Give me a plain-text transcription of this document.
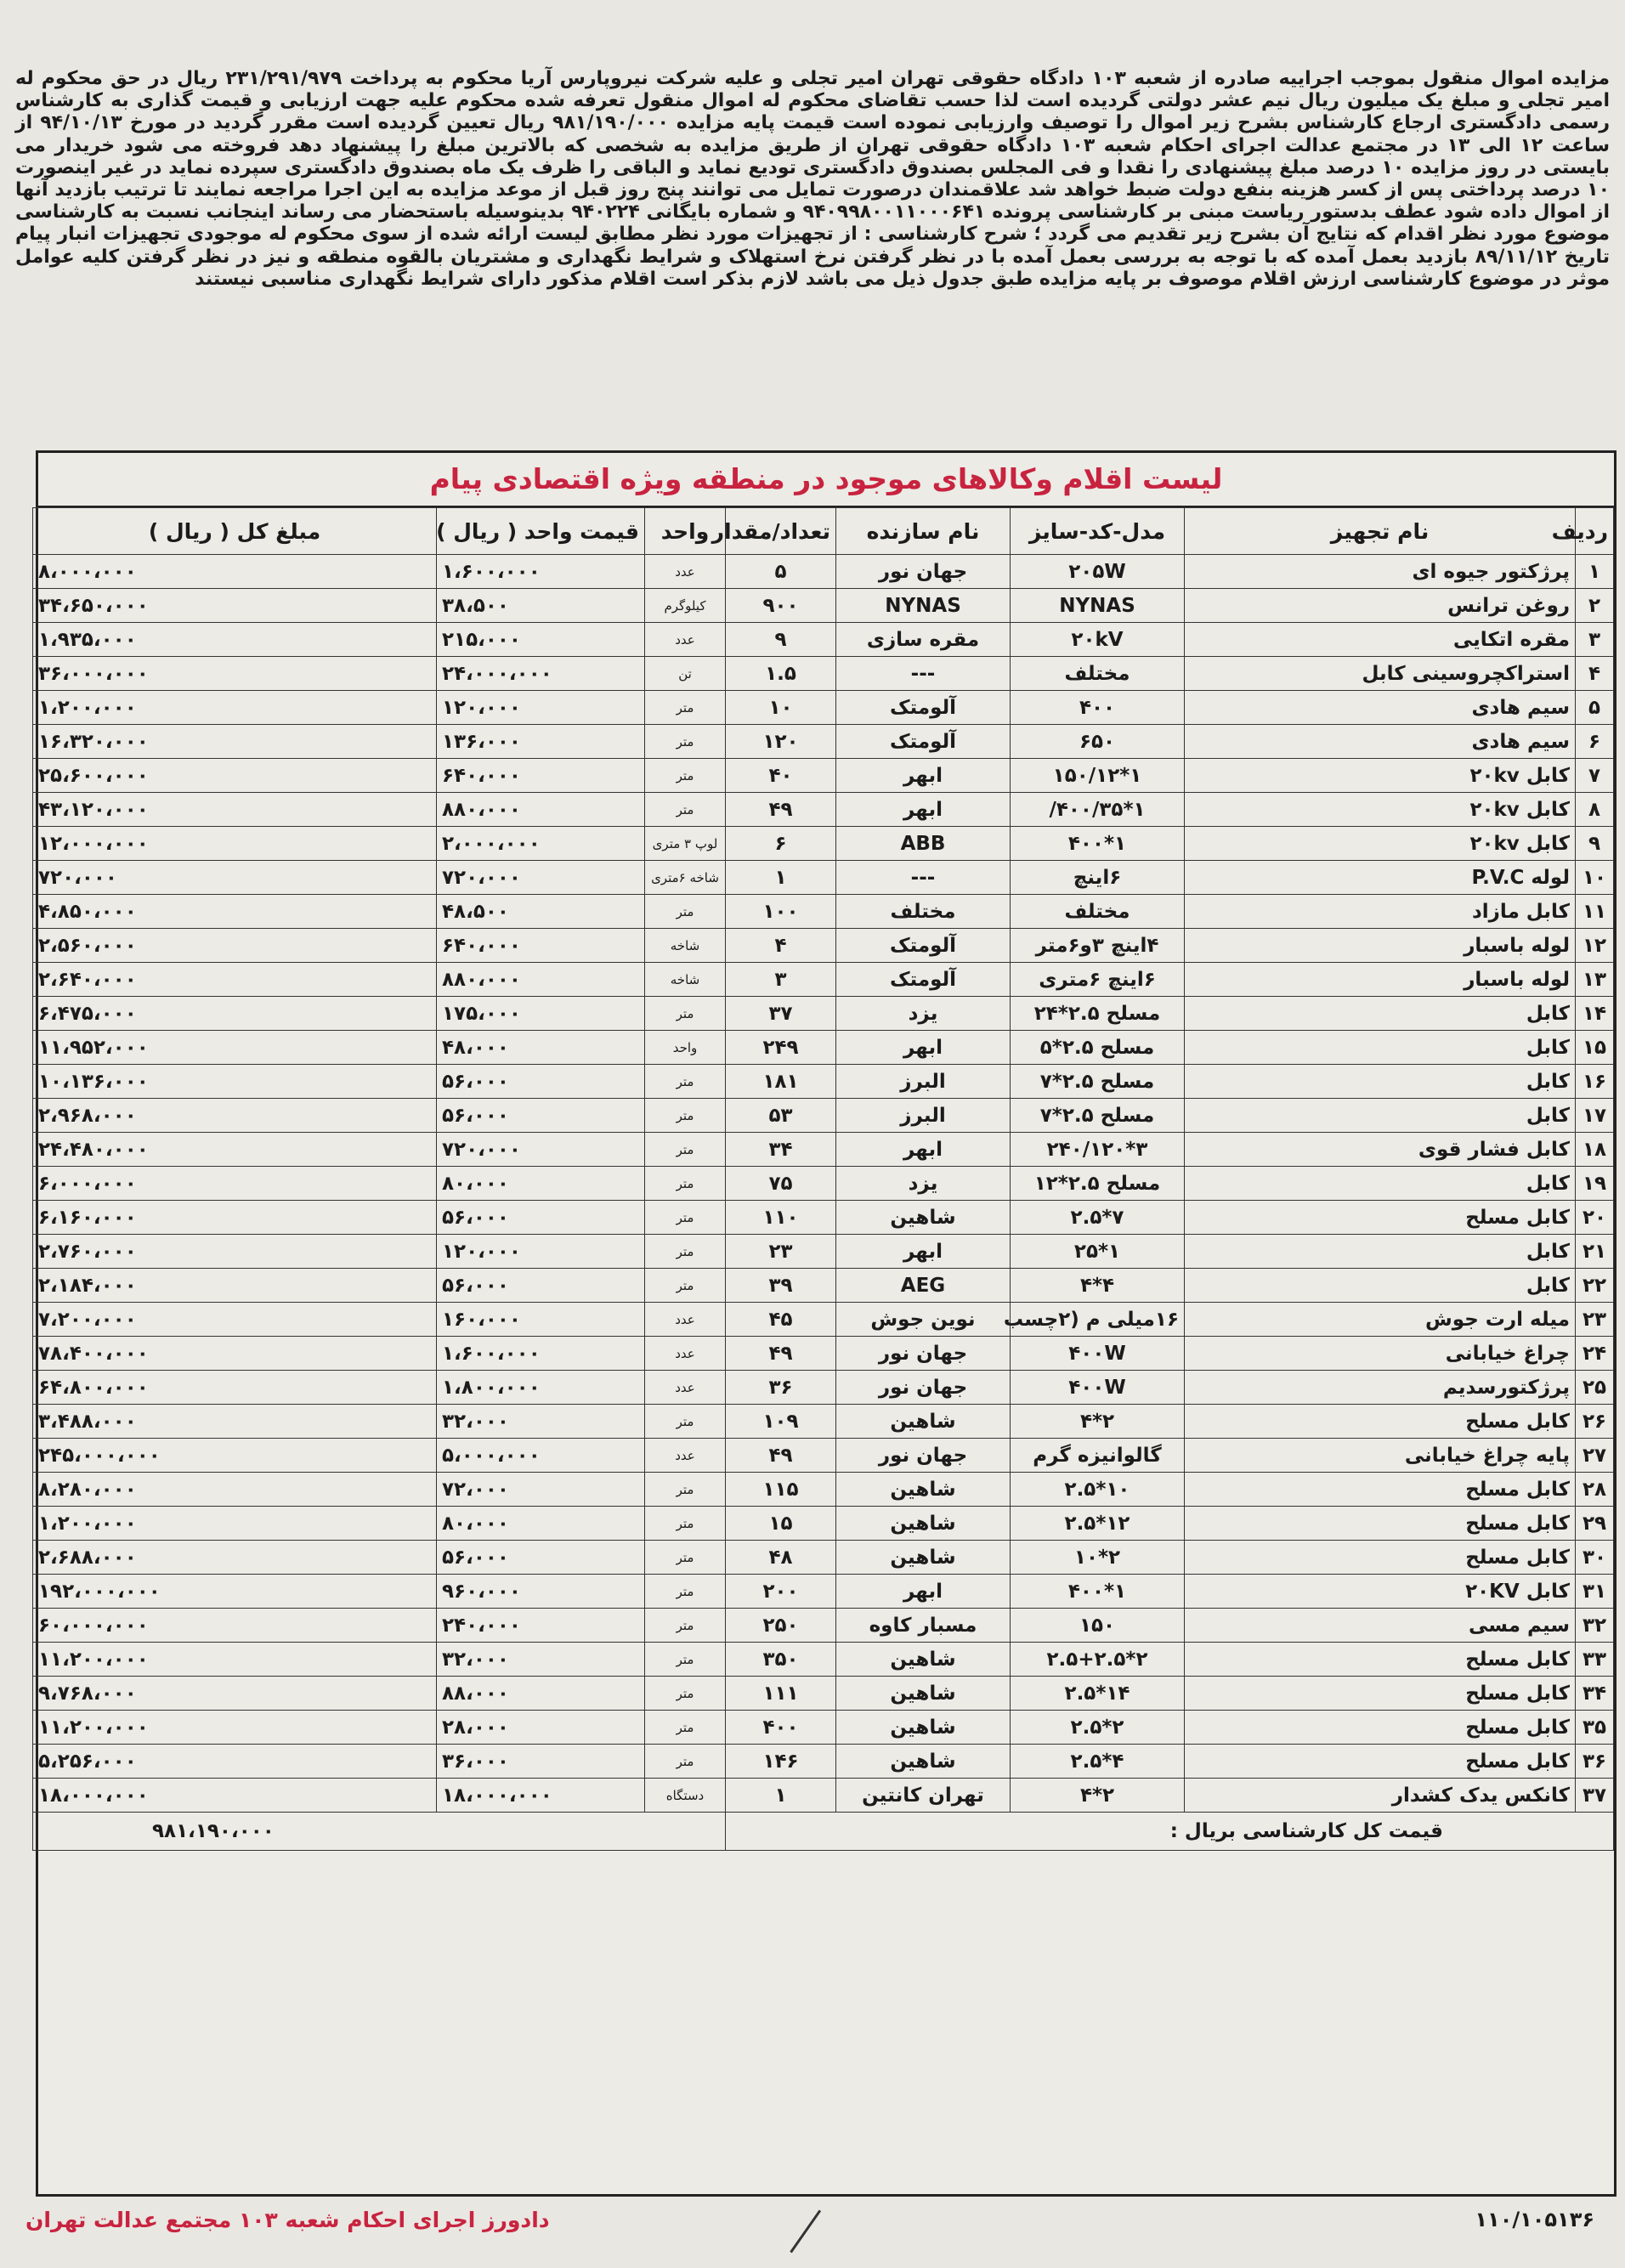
مزایده اموال منقول بموجب اجراییه صادره از شعبه ۱۰۳ دادگاه حقوقی تهران امیر تجلی و علیه شرکت نیروپارس آریا محکوم به پرداخت ۲۳۱/۲۹۱/۹۷۹ ریال در حق محکوم له امیر تجلی و مبلغ یک میلیون ریال نیم عشر دولتی گردیده است لذا حسب تقاضای محکوم له اموال منقول تعرفه شده محکوم علیه جهت ارزیابی و قیمت گذاری به کارشناس رسمی دادگستری ارجاع کارشناس بشرح زیر اموال را توصیف وارزیابی نموده است قیمت پایه مزایده ۹۸۱/۱۹۰/۰۰۰ ریال تعیین گردیده است مقرر گردید در مورخ ۹۴/۱۰/۱۳ از ساعت ۱۲ الی ۱۳ در مجتمع عدالت اجرای احکام شعبه ۱۰۳ دادگاه حقوقی تهران از طریق مزایده به شخصی که بالاترین مبلغ را پیشنهاد دهد فروخته می شود خریدار می بایستی در روز مزایده ۱۰ درصد مبلغ پیشنهادی را نقدا و فی المجلس بصندوق دادگستری تودیع نماید و الباقی را ظرف یک ماه بصندوق دادگستری سپرده نماید در غیر اینصورت ۱۰ درصد پرداختی پس از کسر هزینه بنفع دولت ضبط خواهد شد علاقمندان درصورت تمایل می توانند پنج روز قبل از موعد مزایده به این اجرا مراجعه نمایند تا ترتیب بازدید آنها از اموال داده شود عطف بدستور ریاست مبنی بر کارشناسی پرونده ۹۴۰۹۹۸۰۰۱۱۰۰۰۶۴۱ و شماره بایگانی ۹۴۰۲۲۴ بدینوسیله باستحضار می رساند اینجانب نسبت به کارشناسی موضوع مورد نظر اقدام که نتایج آن بشرح زیر تقدیم می گردد ؛ شرح کارشناسی : از تجهیزات مورد نظر مطابق لیست ارائه شده از سوی محکوم له موجودی تجهیزات انبار پیام تاریخ ۸۹/۱۱/۱۲ بازدید بعمل آمده که با توجه به بررسی بعمل آمده با در نظر گرفتن نرخ استهلاک و شرایط نگهداری و مشتریان بالقوه منطقه و نیز در نظر گرفتن کلیه عوامل موثر در موضوع کارشناسی ارزش اقلام موصوف بر پایه مزایده طبق جدول ذیل می باشد لازم بذکر است اقلام مذکور دارای شرایط نگهداری مناسبی نیستند

لیست اقلام وکالاهای موجود در منطقه ویژه اقتصادی پیام
ردیف	نام تجهیز	مدل-کد-سایز	نام سازنده	تعداد/مقدار	واحد	قیمت واحد ( ریال )	مبلغ کل ( ریال )
۱	پرژکتور جیوه ای	۲۰۵W	جهان نور	۵	عدد	۱،۶۰۰،۰۰۰	۸،۰۰۰،۰۰۰
۲	روغن ترانس	NYNAS	NYNAS	۹۰۰	کیلوگرم	۳۸،۵۰۰	۳۴،۶۵۰،۰۰۰
۳	مقره اتکایی	۲۰kV	مقره سازی	۹	عدد	۲۱۵،۰۰۰	۱،۹۳۵،۰۰۰
۴	استراکچروسینی کابل	مختلف	---	۱.۵	تن	۲۴،۰۰۰،۰۰۰	۳۶،۰۰۰،۰۰۰
۵	سیم هادی	۴۰۰	آلومتک	۱۰	متر	۱۲۰،۰۰۰	۱،۲۰۰،۰۰۰
۶	سیم هادی	۶۵۰	آلومتک	۱۲۰	متر	۱۳۶،۰۰۰	۱۶،۳۲۰،۰۰۰
۷	کابل ۲۰kv	۱*۱۵۰/۱۲	ابهر	۴۰	متر	۶۴۰،۰۰۰	۲۵،۶۰۰،۰۰۰
۸	کابل ۲۰kv	۱*۴۰۰/۳۵/	ابهر	۴۹	متر	۸۸۰،۰۰۰	۴۳،۱۲۰،۰۰۰
۹	کابل ۲۰kv	۱*۴۰۰	ABB	۶	لوپ ۳ متری	۲،۰۰۰،۰۰۰	۱۲،۰۰۰،۰۰۰
۱۰	لوله P.V.C	۶اینچ	---	۱	شاخه ۶متری	۷۲۰،۰۰۰	۷۲۰،۰۰۰
۱۱	کابل مازاد	مختلف	مختلف	۱۰۰	متر	۴۸،۵۰۰	۴،۸۵۰،۰۰۰
۱۲	لوله باسبار	۴اینچ ۳و۶متر	آلومتک	۴	شاخه	۶۴۰،۰۰۰	۲،۵۶۰،۰۰۰
۱۳	لوله باسبار	۶اینچ ۶متری	آلومتک	۳	شاخه	۸۸۰،۰۰۰	۲،۶۴۰،۰۰۰
۱۴	کابل	مسلح ۲.۵*۲۴	یزد	۳۷	متر	۱۷۵،۰۰۰	۶،۴۷۵،۰۰۰
۱۵	کابل	مسلح ۲.۵*۵	ابهر	۲۴۹	واحد	۴۸،۰۰۰	۱۱،۹۵۲،۰۰۰
۱۶	کابل	مسلح ۲.۵*۷	البرز	۱۸۱	متر	۵۶،۰۰۰	۱۰،۱۳۶،۰۰۰
۱۷	کابل	مسلح ۲.۵*۷	البرز	۵۳	متر	۵۶،۰۰۰	۲،۹۶۸،۰۰۰
۱۸	کابل فشار قوی	۳*۲۴۰/۱۲۰	ابهر	۳۴	متر	۷۲۰،۰۰۰	۲۴،۴۸۰،۰۰۰
۱۹	کابل	مسلح ۲.۵*۱۲	یزد	۷۵	متر	۸۰،۰۰۰	۶،۰۰۰،۰۰۰
۲۰	کابل مسلح	۷*۲.۵	شاهین	۱۱۰	متر	۵۶،۰۰۰	۶،۱۶۰،۰۰۰
۲۱	کابل	۱*۲۵	ابهر	۲۳	متر	۱۲۰،۰۰۰	۲،۷۶۰،۰۰۰
۲۲	کابل	۴*۴	AEG	۳۹	متر	۵۶،۰۰۰	۲،۱۸۴،۰۰۰
۲۳	میله ارت جوش	۱۶میلی م (۲چسب	نوین جوش	۴۵	عدد	۱۶۰،۰۰۰	۷،۲۰۰،۰۰۰
۲۴	چراغ خیابانی	۴۰۰W	جهان نور	۴۹	عدد	۱،۶۰۰،۰۰۰	۷۸،۴۰۰،۰۰۰
۲۵	پرژکتورسدیم	۴۰۰W	جهان نور	۳۶	عدد	۱،۸۰۰،۰۰۰	۶۴،۸۰۰،۰۰۰
۲۶	کابل مسلح	۲*۴	شاهین	۱۰۹	متر	۳۲،۰۰۰	۳،۴۸۸،۰۰۰
۲۷	پایه چراغ خیابانی	گالوانیزه گرم	جهان نور	۴۹	عدد	۵،۰۰۰،۰۰۰	۲۴۵،۰۰۰،۰۰۰
۲۸	کابل مسلح	۱۰*۲.۵	شاهین	۱۱۵	متر	۷۲،۰۰۰	۸،۲۸۰،۰۰۰
۲۹	کابل مسلح	۱۲*۲.۵	شاهین	۱۵	متر	۸۰،۰۰۰	۱،۲۰۰،۰۰۰
۳۰	کابل مسلح	۲*۱۰	شاهین	۴۸	متر	۵۶،۰۰۰	۲،۶۸۸،۰۰۰
۳۱	کابل ۲۰KV	۱*۴۰۰	ابهر	۲۰۰	متر	۹۶۰،۰۰۰	۱۹۲،۰۰۰،۰۰۰
۳۲	سیم مسی	۱۵۰	مسبار کاوه	۲۵۰	متر	۲۴۰،۰۰۰	۶۰،۰۰۰،۰۰۰
۳۳	کابل مسلح	۲*۲.۵+۲.۵	شاهین	۳۵۰	متر	۳۲،۰۰۰	۱۱،۲۰۰،۰۰۰
۳۴	کابل مسلح	۱۴*۲.۵	شاهین	۱۱۱	متر	۸۸،۰۰۰	۹،۷۶۸،۰۰۰
۳۵	کابل مسلح	۲*۲.۵	شاهین	۴۰۰	متر	۲۸،۰۰۰	۱۱،۲۰۰،۰۰۰
۳۶	کابل مسلح	۴*۲.۵	شاهین	۱۴۶	متر	۳۶،۰۰۰	۵،۲۵۶،۰۰۰
۳۷	کانکس یدک کشدار	۲*۴	تهران کانتین	۱	دستگاه	۱۸،۰۰۰،۰۰۰	۱۸،۰۰۰،۰۰۰
قیمت کل کارشناسی بریال :					۹۸۱،۱۹۰،۰۰۰		
دادورز اجرای احکام شعبه ۱۰۳ مجتمع عدالت تهران	۱۱۰/۱۰۵۱۳۶
